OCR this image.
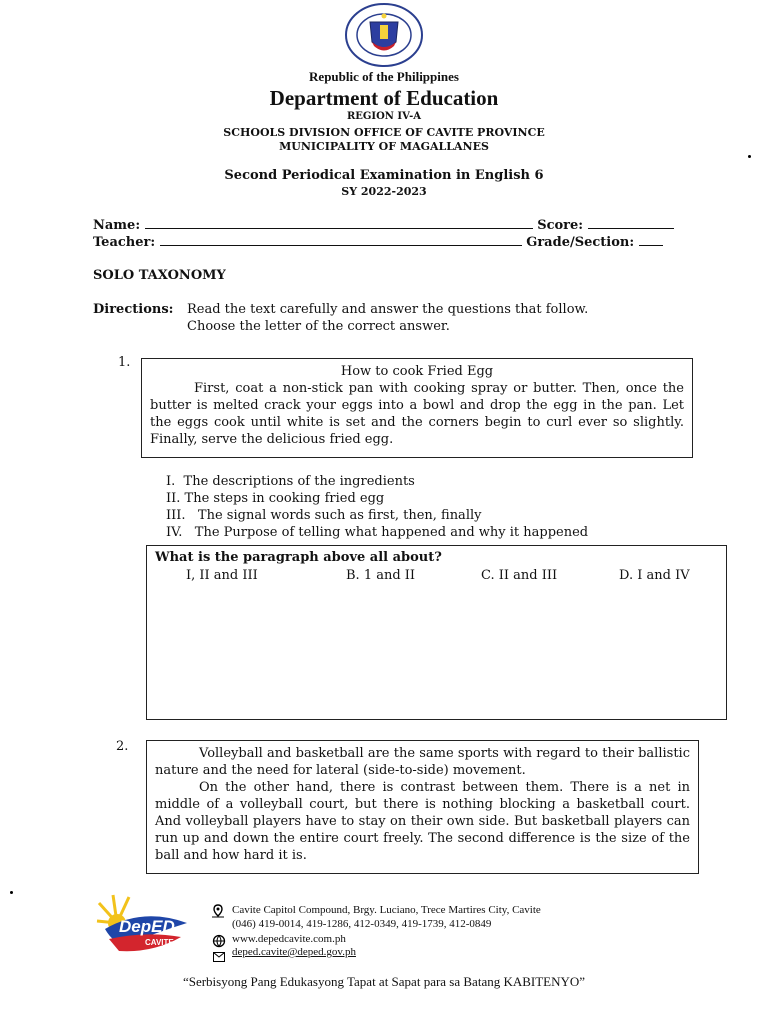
Republic of the Philippines
Department of Education
REGION IV-A
SCHOOLS DIVISION OFFICE OF CAVITE PROVINCE
MUNICIPALITY OF MAGALLANES
Second Periodical Examination in English 6
SY 2022-2023
Name:	Score:
Teacher:	Grade/Section:
SOLO TAXONOMY
Directions: Read the text carefully and answer the questions that follow.
Choose the letter of the correct answer.
1.
How to cook Fried Egg
First, coat a non-stick pan with cooking spray or butter. Then, once the butter is melted crack your eggs into a bowl and drop the egg in the pan. Let the eggs cook until white is set and the corners begin to curl ever so slightly. Finally, serve the delicious fried egg.
I.  The descriptions of the ingredients
II. The steps in cooking fried egg
III.   The signal words such as first, then, finally
IV.   The Purpose of telling what happened and why it happened
What is the paragraph above all about?
I, II and III	B. 1 and II	C. II and III	D. I and IV
2.	Volleyball and basketball are the same sports with regard to their ballistic nature and the need for lateral (side-to-side) movement.
On the other hand, there is contrast between them. There is a net in middle of a volleyball court, but there is nothing blocking a basketball court. And volleyball players have to stay on their own side. But basketball players can run up and down the entire court freely. The second difference is the size of the ball and how hard it is.
DepED
CAVITE
Cavite Capitol Compound, Brgy. Luciano, Trece Martires City, Cavite
(046) 419-0014, 419-1286, 412-0349, 419-1739, 412-0849
www.depedcavite.com.ph
deped.cavite@deped.gov.ph
“Serbisyong Pang Edukasyong Tapat at Sapat para sa Batang KABITENYO”
